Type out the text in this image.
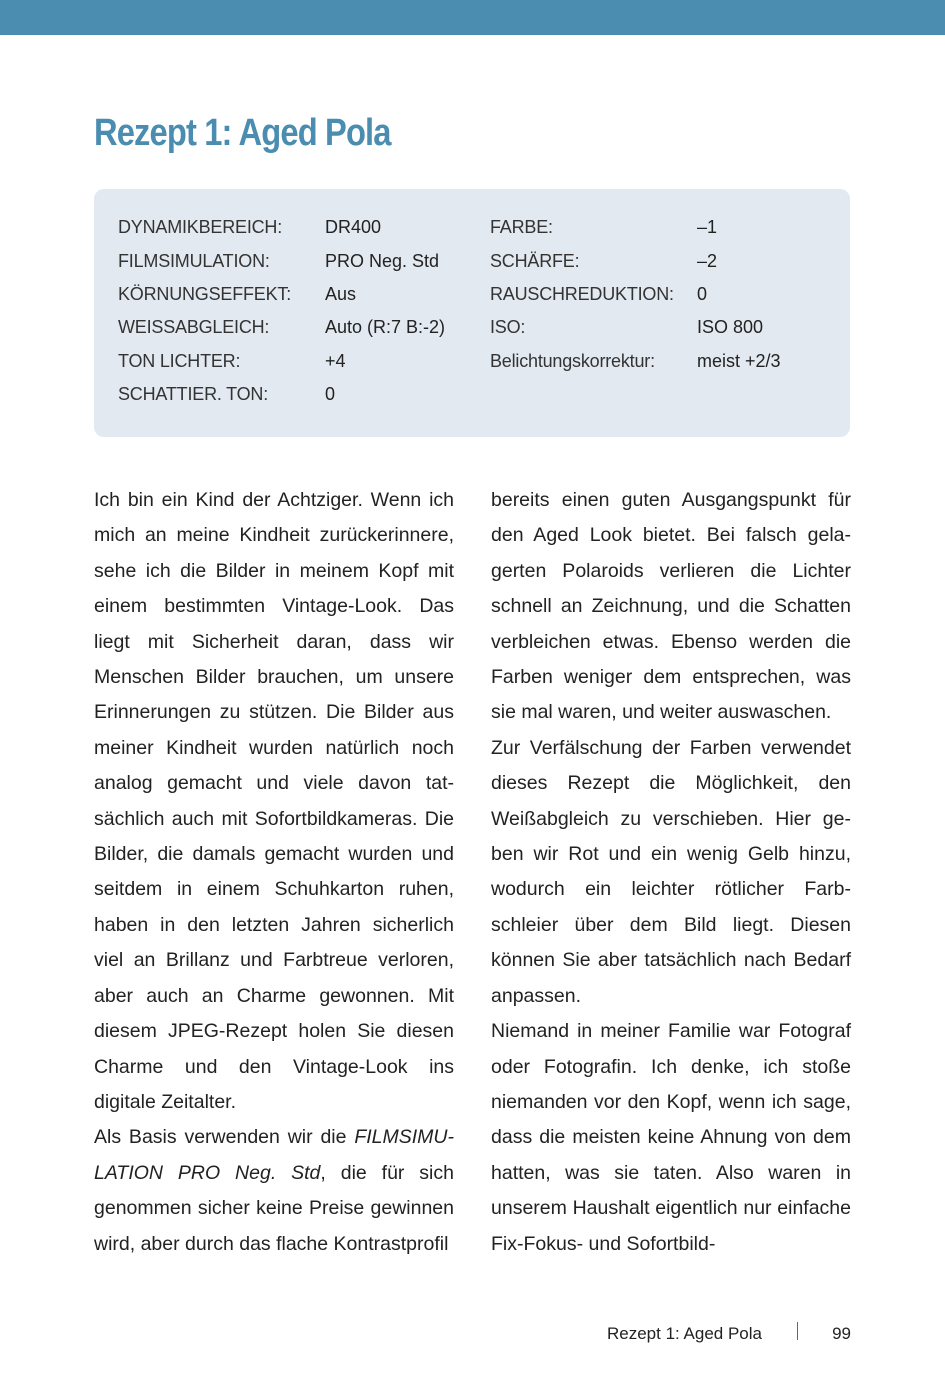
Rezept 1: Aged Pola
DYNAMIKBEREICH:	DR400
FILMSIMULATION:	PRO Neg. Std
KÖRNUNGSEFFEKT:	Aus
WEISSABGLEICH:	Auto (R:7 B:-2)
TON LICHTER:	+4
SCHATTIER. TON:	0
FARBE:	–1
SCHÄRFE:	–2
RAUSCHREDUKTION:	0
ISO:	ISO 800
Belichtungskorrektur:	meist +2/3

Ich bin ein Kind der Achtziger. Wenn ich mich an meine Kindheit zurückerinnere, sehe ich die Bilder in meinem Kopf mit einem bestimmten Vintage-Look. Das liegt mit Sicherheit daran, dass wir Menschen Bilder brauchen, um unsere Erinnerungen zu stützen. Die Bilder aus meiner Kindheit wurden natürlich noch analog gemacht und viele davon tatsächlich auch mit Sofortbildkameras. Die Bilder, die damals gemacht wurden und seitdem in einem Schuhkarton ruhen, haben in den letzten Jahren sicherlich viel an Brillanz und Farbtreue verloren, aber auch an Charme gewonnen. Mit diesem JPEG-Rezept holen Sie diesen Charme und den Vintage-Look ins digitale Zeitalter.

Als Basis verwenden wir die FILMSIMULATION PRO Neg. Std, die für sich genommen sicher keine Preise gewinnen wird, aber durch das flache Kontrastprofil

bereits einen guten Ausgangspunkt für den Aged Look bietet. Bei falsch gelagerten Polaroids verlieren die Lichter schnell an Zeichnung, und die Schatten verbleichen etwas. Ebenso werden die Farben weniger dem entsprechen, was sie mal waren, und weiter auswaschen.

Zur Verfälschung der Farben verwendet dieses Rezept die Möglichkeit, den Weißabgleich zu verschieben. Hier geben wir Rot und ein wenig Gelb hinzu, wodurch ein leichter rötlicher Farbschleier über dem Bild liegt. Diesen können Sie aber tatsächlich nach Bedarf anpassen.

Niemand in meiner Familie war Fotograf oder Fotografin. Ich denke, ich stoße niemanden vor den Kopf, wenn ich sage, dass die meisten keine Ahnung von dem hatten, was sie taten. Also waren in unserem Haushalt eigentlich nur einfache Fix-Fokus- und Sofortbild-

Rezept 1: Aged Pola	99
